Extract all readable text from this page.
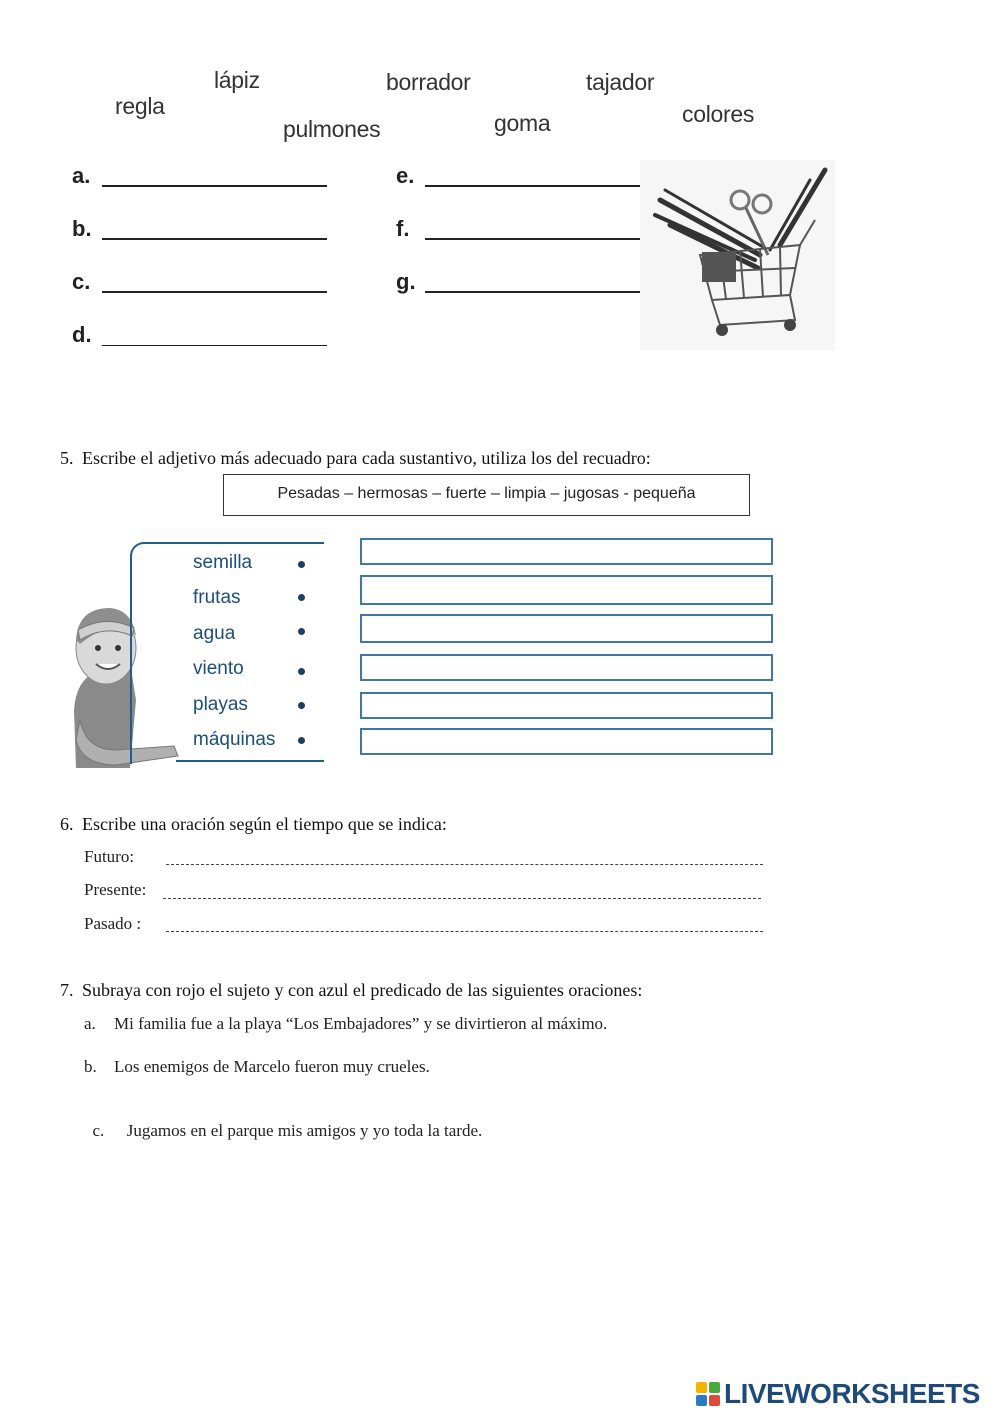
lápiz	borrador	tajador
regla
pulmones	goma	colores
a.
b.
c.
d.
e.
f.
g.
5. Escribe el adjetivo más adecuado para cada sustantivo, utiliza los del recuadro:
Pesadas – hermosas – fuerte – limpia – jugosas - pequeña
semilla
frutas
agua
viento
playas
máquinas
6. Escribe una oración según el tiempo que se indica:
Futuro:
Presente:
Pasado :
7. Subraya con rojo el sujeto y con azul el predicado de las siguientes oraciones:
a. Mi familia fue a la playa “Los Embajadores” y se divirtieron al máximo.
b. Los enemigos de Marcelo fueron muy crueles.

c. Jugamos en el parque mis amigos y yo toda la tarde.

LIVEWORKSHEETS
